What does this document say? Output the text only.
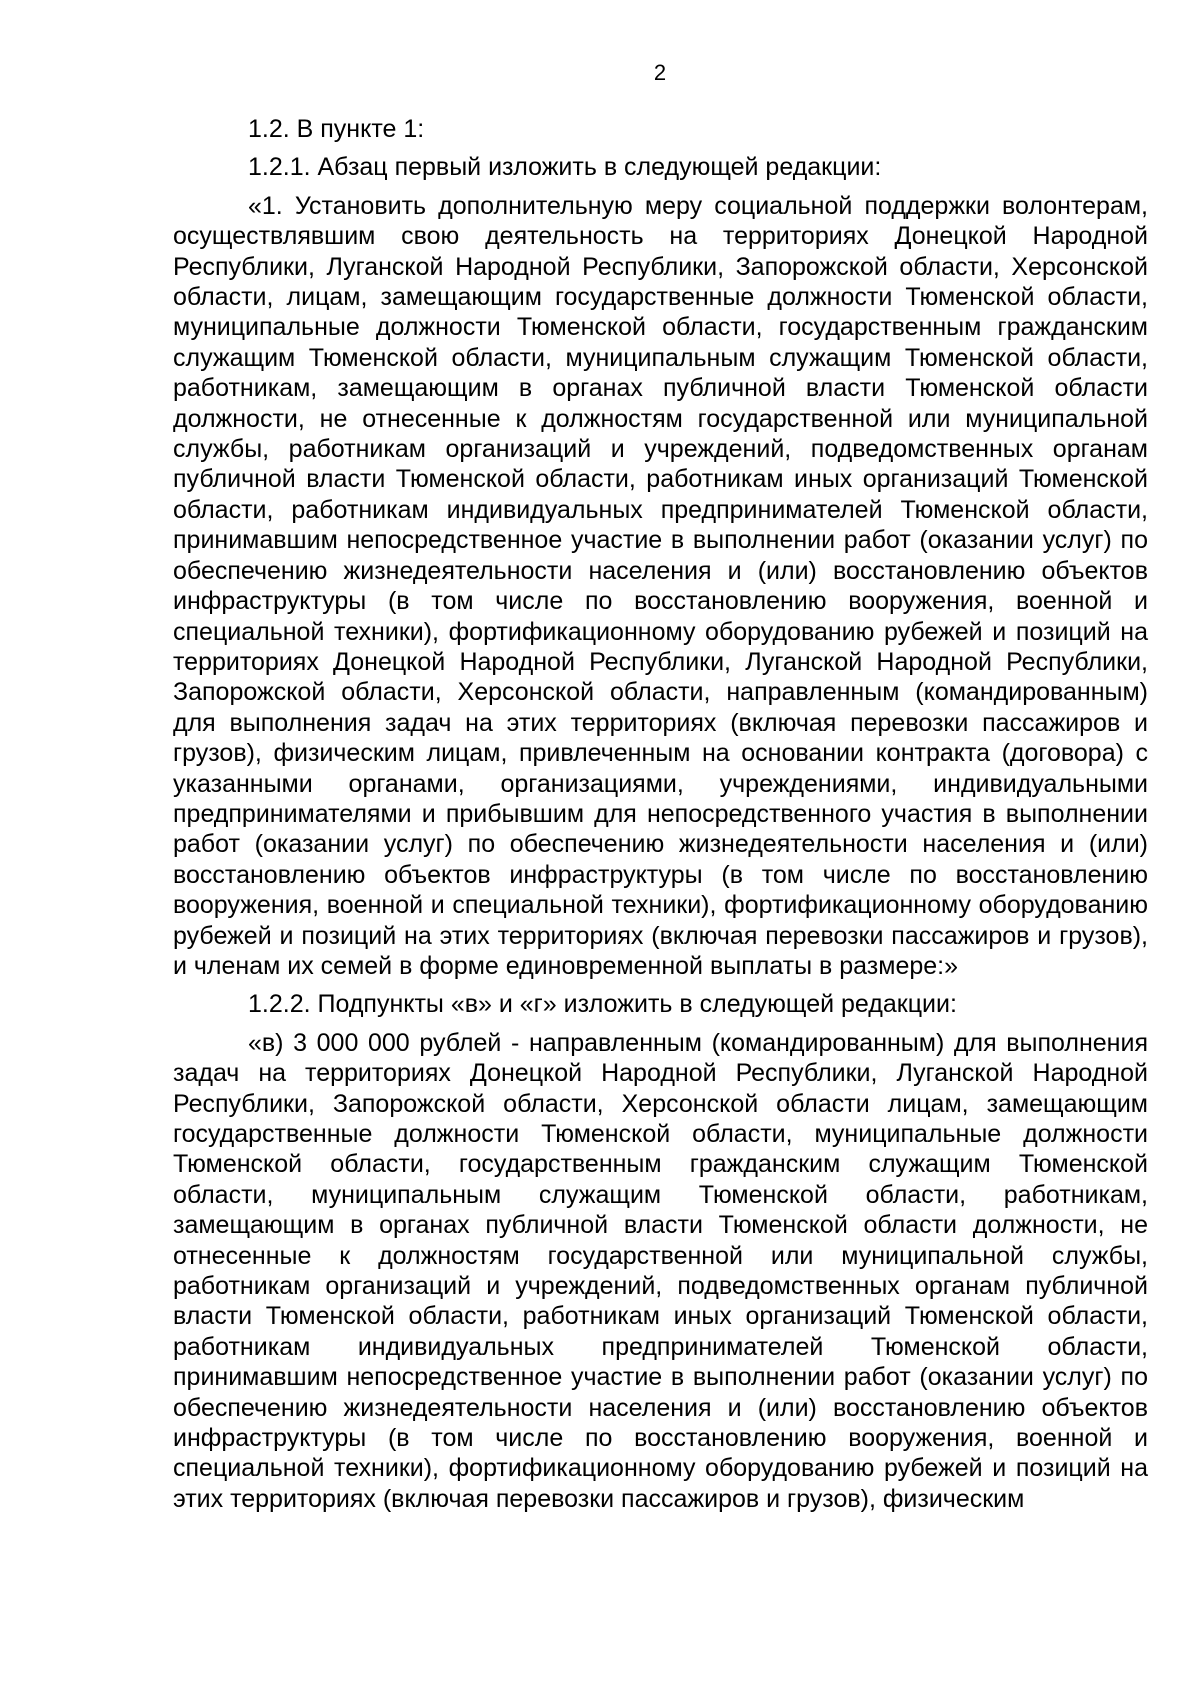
2

1.2. В пункте 1:

1.2.1. Абзац первый изложить в следующей редакции:

«1. Установить дополнительную меру социальной поддержки волонтерам, осуществлявшим свою деятельность на территориях Донецкой Народной Республики, Луганской Народной Республики, Запорожской области, Херсонской области, лицам, замещающим государственные должности Тюменской области, муниципальные должности Тюменской области, государственным гражданским служащим Тюменской области, муниципальным служащим Тюменской области, работникам, замещающим в органах публичной власти Тюменской области должности, не отнесенные к должностям государственной или муниципальной службы, работникам организаций и учреждений, подведомственных органам публичной власти Тюменской области, работникам иных организаций Тюменской области, работникам индивидуальных предпринимателей Тюменской области, принимавшим непосредственное участие в выполнении работ (оказании услуг) по обеспечению жизнедеятельности населения и (или) восстановлению объектов инфраструктуры (в том числе по восстановлению вооружения, военной и специальной техники), фортификационному оборудованию рубежей и позиций на территориях Донецкой Народной Республики, Луганской Народной Республики, Запорожской области, Херсонской области, направленным (командированным) для выполнения задач на этих территориях (включая перевозки пассажиров и грузов), физическим лицам, привлеченным на основании контракта (договора) с указанными органами, организациями, учреждениями, индивидуальными предпринимателями и прибывшим для непосредственного участия в выполнении работ (оказании услуг) по обеспечению жизнедеятельности населения и (или) восстановлению объектов инфраструктуры (в том числе по восстановлению вооружения, военной и специальной техники), фортификационному оборудованию рубежей и позиций на этих территориях (включая перевозки пассажиров и грузов), и членам их семей в форме единовременной выплаты в размере:»

1.2.2. Подпункты «в» и «г» изложить в следующей редакции:

«в) 3 000 000 рублей - направленным (командированным) для выполнения задач на территориях Донецкой Народной Республики, Луганской Народной Республики, Запорожской области, Херсонской области лицам, замещающим государственные должности Тюменской области, муниципальные должности Тюменской области, государственным гражданским служащим Тюменской области, муниципальным служащим Тюменской области, работникам, замещающим в органах публичной власти Тюменской области должности, не отнесенные к должностям государственной или муниципальной службы, работникам организаций и учреждений, подведомственных органам публичной власти Тюменской области, работникам иных организаций Тюменской области, работникам индивидуальных предпринимателей Тюменской области, принимавшим непосредственное участие в выполнении работ (оказании услуг) по обеспечению жизнедеятельности населения и (или) восстановлению объектов инфраструктуры (в том числе по восстановлению вооружения, военной и специальной техники), фортификационному оборудованию рубежей и позиций на этих территориях (включая перевозки пассажиров и грузов), физическим
